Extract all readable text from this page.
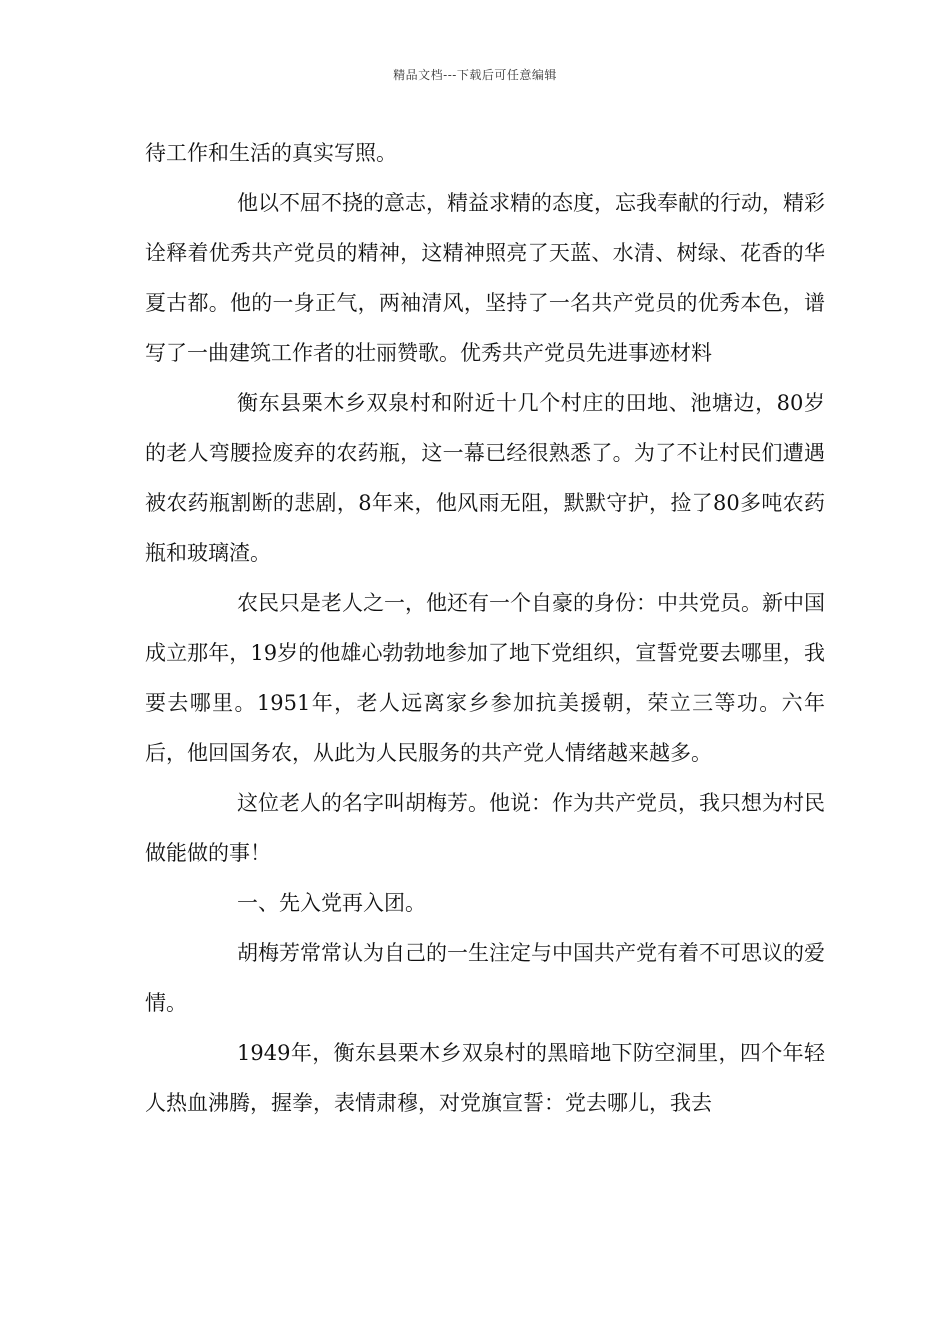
精品文档---下载后可任意编辑

待工作和生活的真实写照。

他以不屈不挠的意志，精益求精的态度，忘我奉献的行动，精彩诠释着优秀共产党员的精神，这精神照亮了天蓝、水清、树绿、花香的华夏古都。他的一身正气，两袖清风，坚持了一名共产党员的优秀本色，谱写了一曲建筑工作者的壮丽赞歌。优秀共产党员先进事迹材料

衡东县栗木乡双泉村和附近十几个村庄的田地、池塘边，80岁的老人弯腰捡废弃的农药瓶，这一幕已经很熟悉了。为了不让村民们遭遇被农药瓶割断的悲剧，8年来，他风雨无阻，默默守护，捡了80多吨农药瓶和玻璃渣。

农民只是老人之一，他还有一个自豪的身份：中共党员。新中国成立那年，19岁的他雄心勃勃地参加了地下党组织，宣誓党要去哪里，我要去哪里。1951年，老人远离家乡参加抗美援朝，荣立三等功。六年后，他回国务农，从此为人民服务的共产党人情绪越来越多。

这位老人的名字叫胡梅芳。他说：作为共产党员，我只想为村民做能做的事！

一、先入党再入团。

胡梅芳常常认为自己的一生注定与中国共产党有着不可思议的爱情。

1949年，衡东县栗木乡双泉村的黑暗地下防空洞里，四个年轻人热血沸腾，握拳，表情肃穆，对党旗宣誓：党去哪儿，我去
